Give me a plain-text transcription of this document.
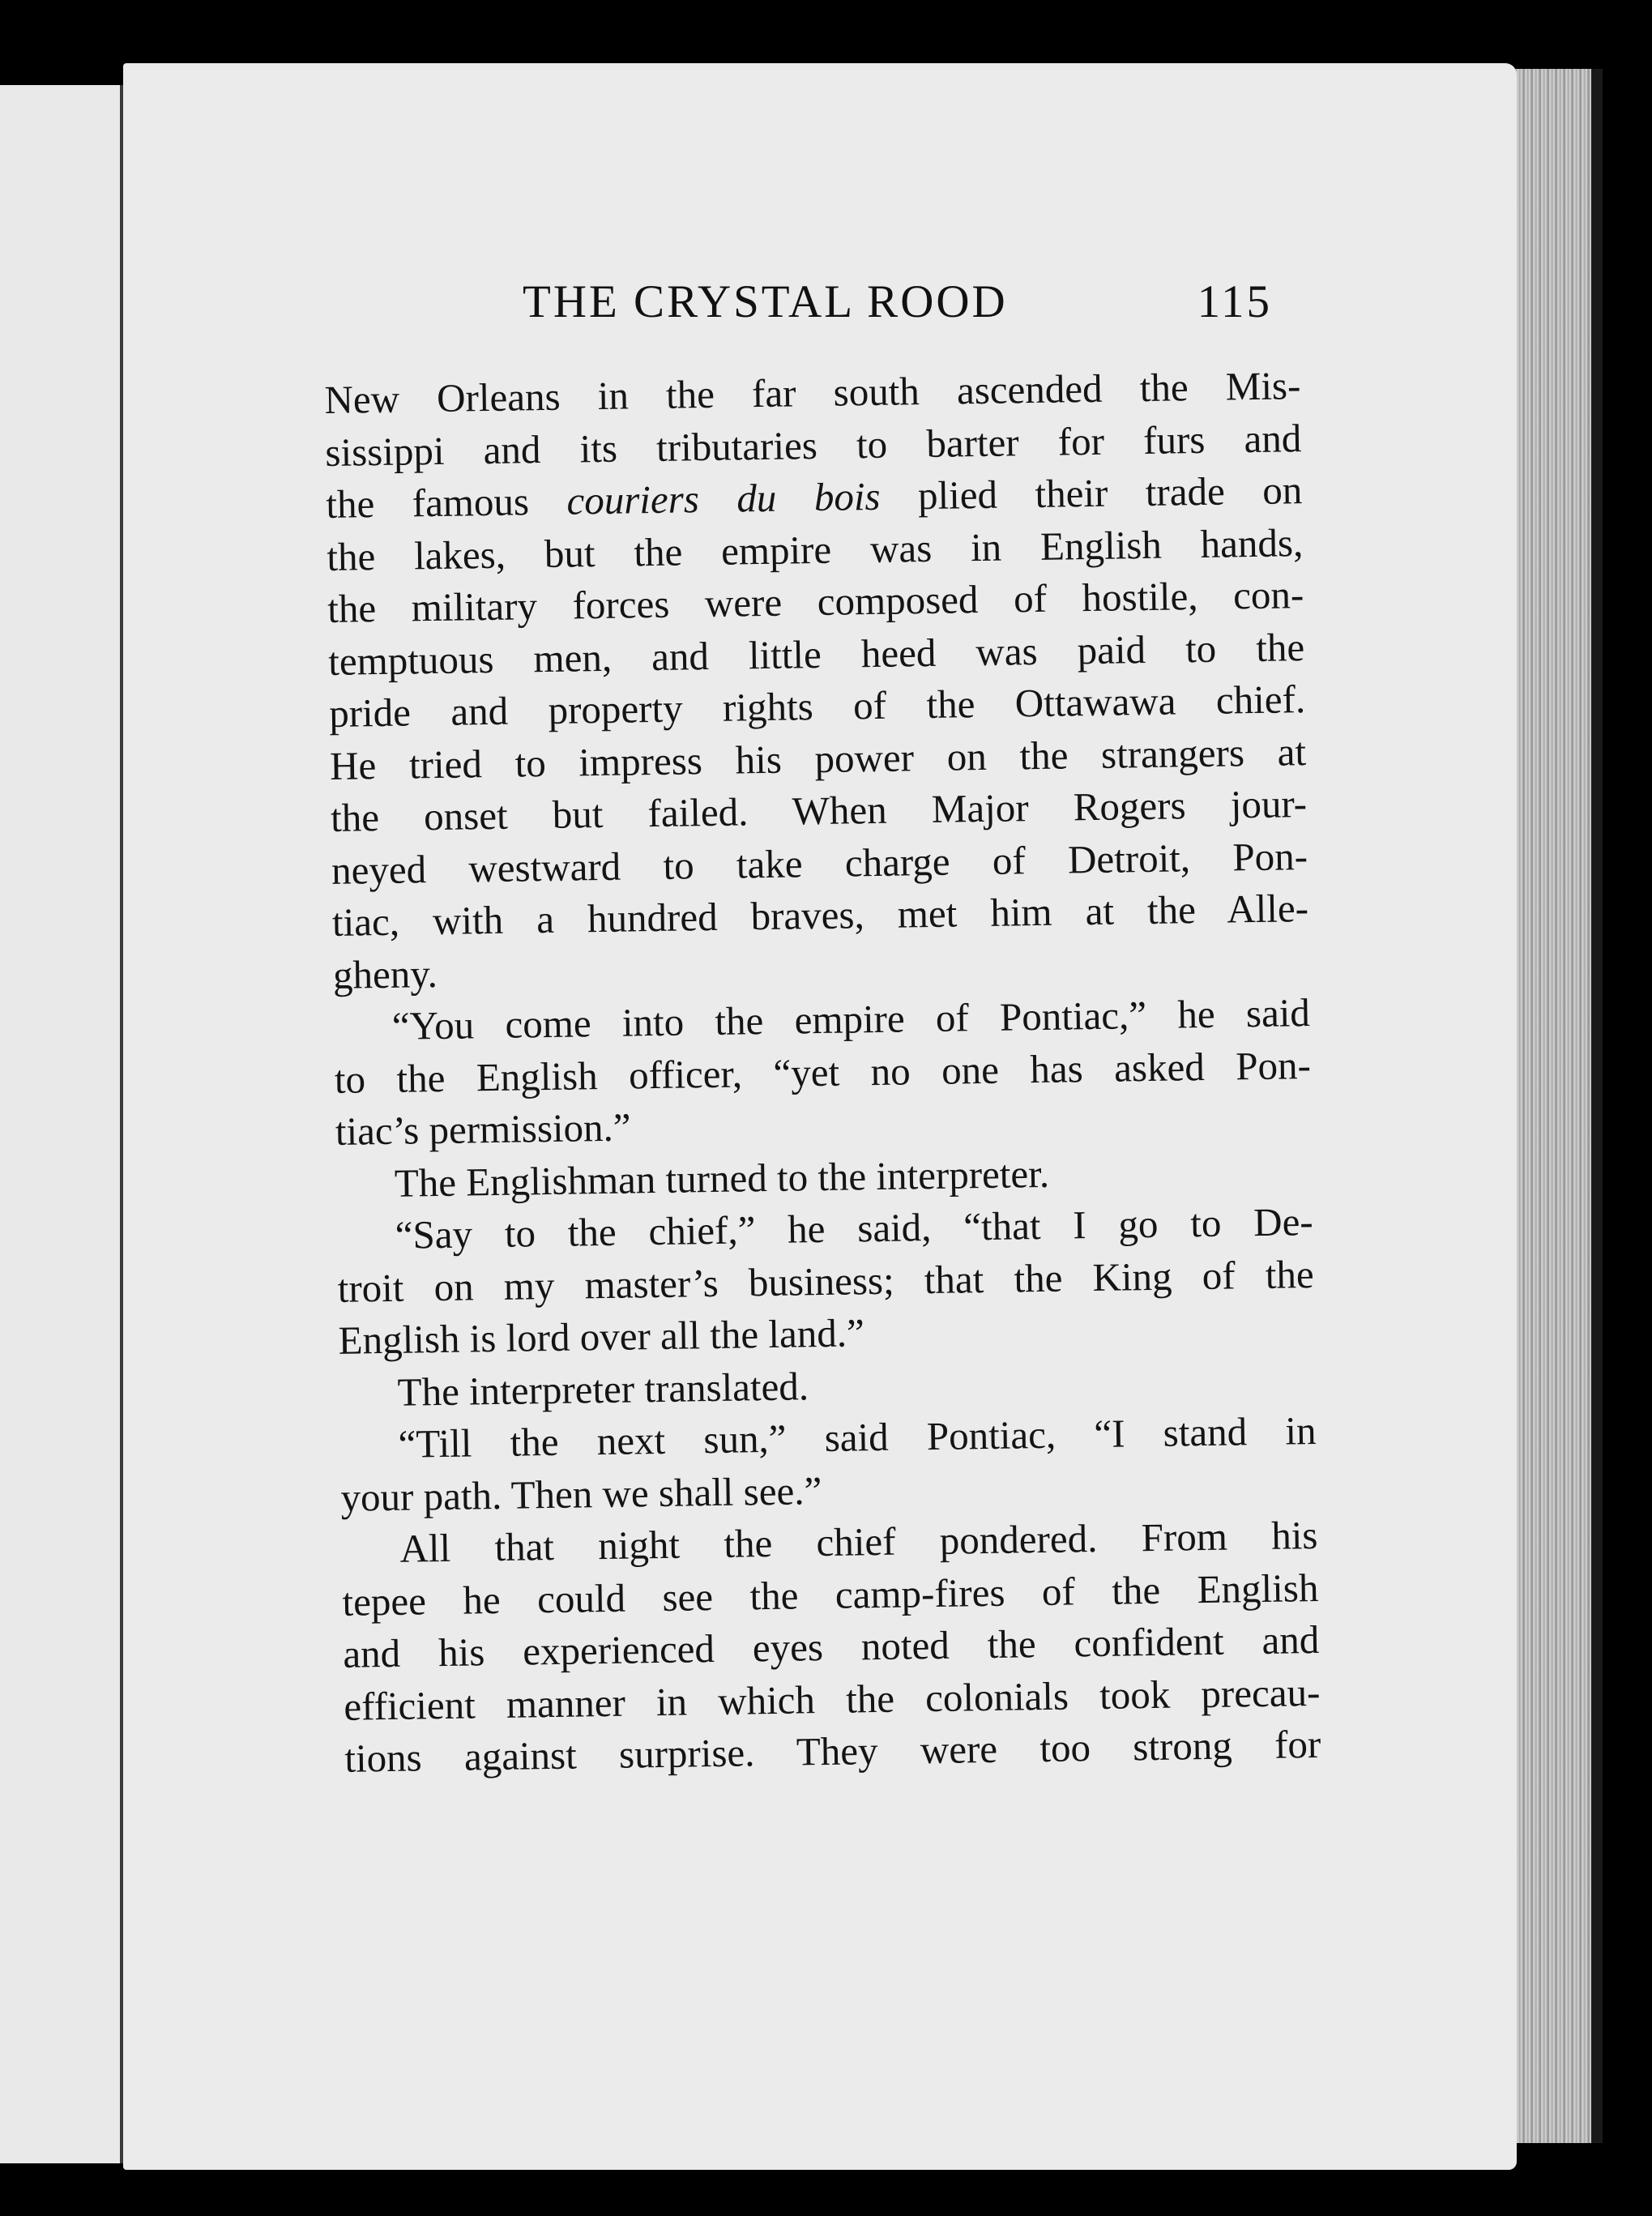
THE CRYSTAL ROOD	115
New Orleans in the far south ascended the Mis-
sissippi and its tributaries to barter for furs and
the famous couriers du bois plied their trade on
the lakes, but the empire was in English hands,
the military forces were composed of hostile, con-
temptuous men, and little heed was paid to the
pride and property rights of the Ottawawa chief.
He tried to impress his power on the strangers at
the onset but failed. When Major Rogers jour-
neyed westward to take charge of Detroit, Pon-
tiac, with a hundred braves, met him at the Alle-
gheny.
“You come into the empire of Pontiac,” he said
to the English officer, “yet no one has asked Pon-
tiac’s permission.”
The Englishman turned to the interpreter.
“Say to the chief,” he said, “that I go to De-
troit on my master’s business; that the King of the
English is lord over all the land.”
The interpreter translated.
“Till the next sun,” said Pontiac, “I stand in
your path. Then we shall see.”
All that night the chief pondered. From his
tepee he could see the camp-fires of the English
and his experienced eyes noted the confident and
efficient manner in which the colonials took precau-
tions against surprise. They were too strong for
